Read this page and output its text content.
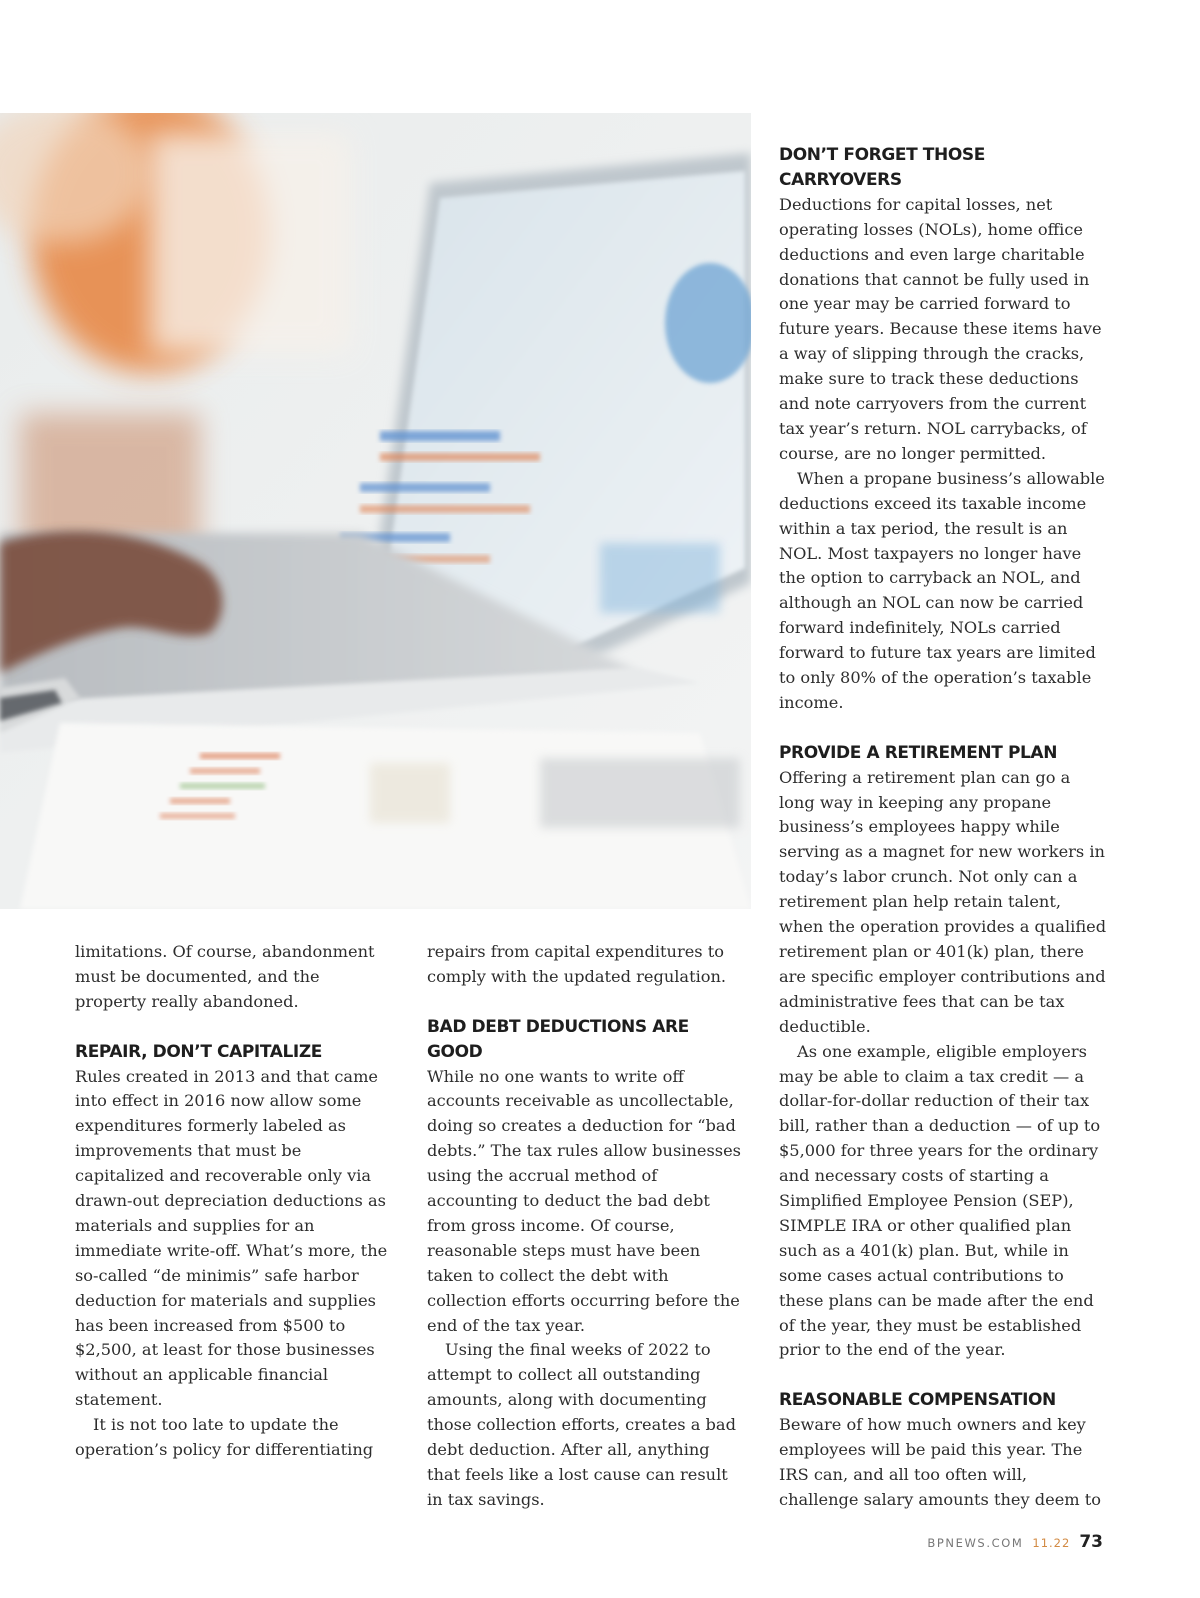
limitations. Of course, abandonment must be documented, and the property really abandoned.

REPAIR, DON’T CAPITALIZE

Rules created in 2013 and that came into effect in 2016 now allow some expenditures formerly labeled as improvements that must be capitalized and recoverable only via drawn-out depreciation deductions as materials and supplies for an immediate write-off. What’s more, the so-called “de minimis” safe harbor deduction for materials and supplies has been increased from $500 to $2,500, at least for those businesses without an applicable financial statement.

It is not too late to update the operation’s policy for differentiating

repairs from capital expenditures to comply with the updated regulation.

BAD DEBT DEDUCTIONS ARE GOOD

While no one wants to write off accounts receivable as uncollectable, doing so creates a deduction for “bad debts.” The tax rules allow businesses using the accrual method of accounting to deduct the bad debt from gross income. Of course, reasonable steps must have been taken to collect the debt with collection efforts occurring before the end of the tax year.

Using the final weeks of 2022 to attempt to collect all outstanding amounts, along with documenting those collection efforts, creates a bad debt deduction. After all, anything that feels like a lost cause can result in tax savings.

DON’T FORGET THOSE CARRYOVERS

Deductions for capital losses, net operating losses (NOLs), home office deductions and even large charitable donations that cannot be fully used in one year may be carried forward to future years. Because these items have a way of slipping through the cracks, make sure to track these deductions and note carryovers from the current tax year’s return. NOL carrybacks, of course, are no longer permitted.

When a propane business’s allowable deductions exceed its taxable income within a tax period, the result is an NOL. Most taxpayers no longer have the option to carryback an NOL, and although an NOL can now be carried forward indefinitely, NOLs carried forward to future tax years are limited to only 80% of the operation’s taxable income.

PROVIDE A RETIREMENT PLAN

Offering a retirement plan can go a long way in keeping any propane business’s employees happy while serving as a magnet for new workers in today’s labor crunch. Not only can a retirement plan help retain talent, when the operation provides a qualified retirement plan or 401(k) plan, there are specific employer contributions and administrative fees that can be tax deductible.

As one example, eligible employers may be able to claim a tax credit — a dollar-for-dollar reduction of their tax bill, rather than a deduction — of up to $5,000 for three years for the ordinary and necessary costs of starting a Simplified Employee Pension (SEP), SIMPLE IRA or other qualified plan such as a 401(k) plan. But, while in some cases actual contributions to these plans can be made after the end of the year, they must be established prior to the end of the year.

REASONABLE COMPENSATION

Beware of how much owners and key employees will be paid this year. The IRS can, and all too often will, challenge salary amounts they deem to

BPNEWS.COM 11.22 73
